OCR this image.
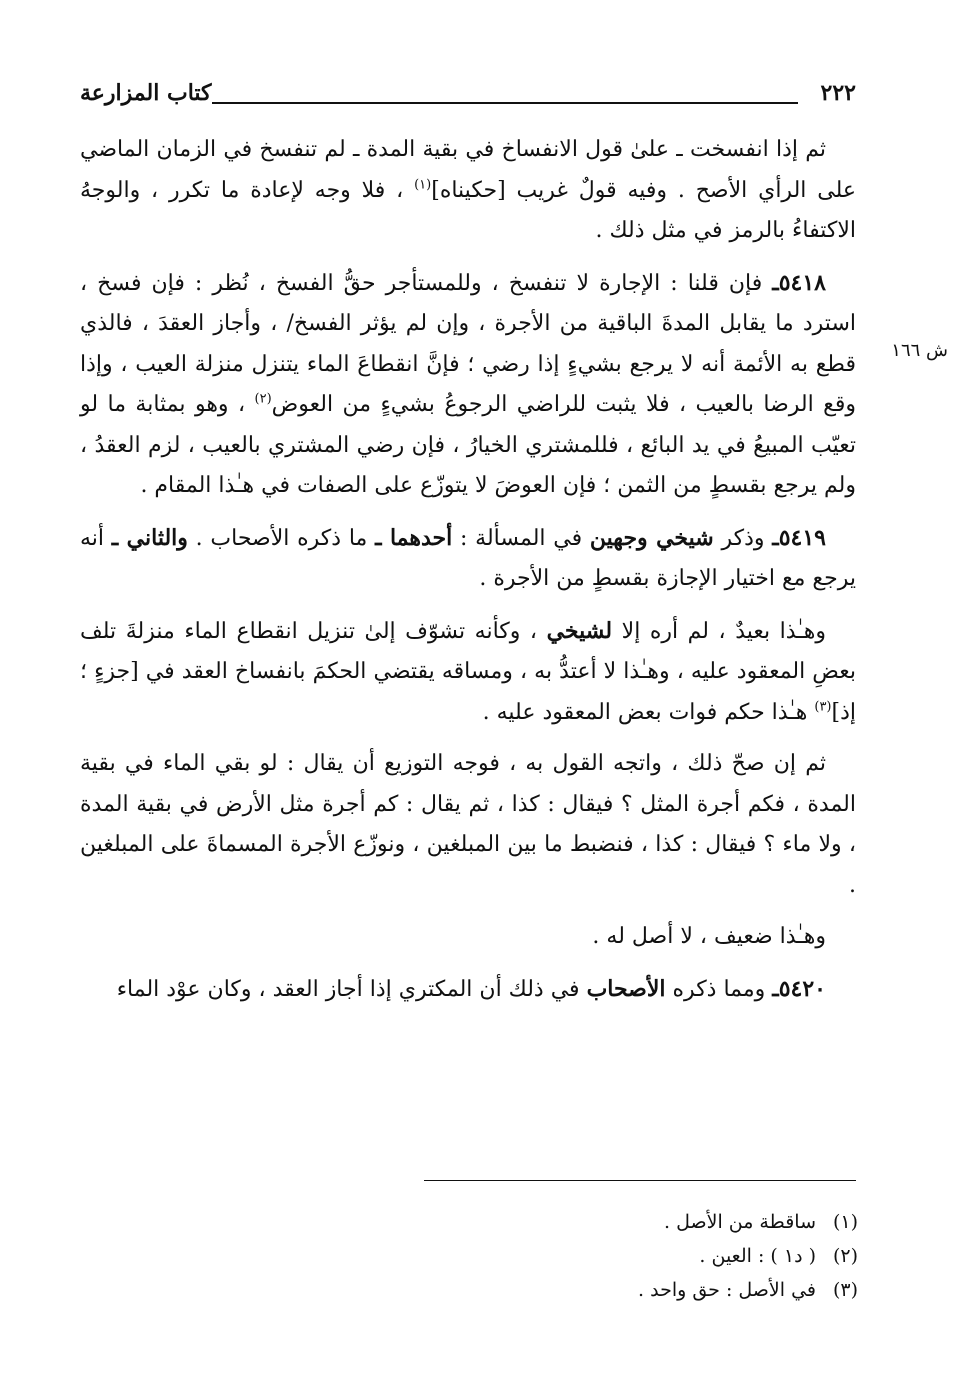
٢٢٢
كتاب المزارعة
ش ١٦٦

ثم إذا انفسخت ـ علىٰ قول الانفساخ في بقية المدة ـ لم تنفسخ في الزمان الماضي على الرأي الأصح . وفيه قولٌ غريب [حكيناه]$^{(١)}$ ، فلا وجه لإعادة ما تكرر ، والوجهُ الاكتفاءُ بالرمز في مثل ذلك .

٥٤١٨ـ فإن قلنا : الإجارة لا تنفسخ ، وللمستأجر حقُّ الفسخ ، نُظر : فإن فسخ ، استرد ما يقابل المدةَ الباقية من الأجرة ، وإن لم يؤثر الفسخ/ ، وأجاز العقدَ ، فالذي قطع به الأئمة أنه لا يرجع بشيءٍ إذا رضي ؛ فإنَّ انقطاعَ الماء يتنزل منزلة العيب ، وإذا وقع الرضا بالعيب ، فلا يثبت للراضي الرجوعُ بشيءٍ من العوض$^{(٢)}$ ، وهو بمثابة ما لو تعيّب المبيعُ في يد البائع ، فللمشتري الخيارُ ، فإن رضي المشتري بالعيب ، لزم العقدُ ، ولم يرجع بقسطٍ من الثمن ؛ فإن العوضَ لا يتوزّع على الصفات في هـٰذا المقام .

٥٤١٩ـ وذكر شيخي وجهين في المسألة : أحدهما ـ ما ذكره الأصحاب . والثاني ـ أنه يرجع مع اختيار الإجازة بقسطٍ من الأجرة .

وهـٰذا بعيدٌ ، لم أره إلا لشيخي ، وكأنه تشوّف إلىٰ تنزيل انقطاع الماء منزلةَ تلف بعضِ المعقود عليه ، وهـٰذا لا أعتدُّ به ، ومساقه يقتضي الحكمَ بانفساخ العقد في [جزءٍ ؛ إذ]$^{(٣)}$ هـٰذا حكم فوات بعض المعقود عليه .

ثم إن صحّ ذلك ، واتجه القول به ، فوجه التوزيع أن يقال : لو بقي الماء في بقية المدة ، فكم أجرة المثل ؟ فيقال : كذا ، ثم يقال : كم أجرة مثل الأرض في بقية المدة ، ولا ماء ؟ فيقال : كذا ، فنضبط ما بين المبلغين ، ونوزّع الأجرة المسماةَ على المبلغين .

وهـٰذا ضعيف ، لا أصل له .

٥٤٢٠ـ ومما ذكره الأصحاب في ذلك أن المكتري إذا أجاز العقد ، وكان عوْد الماء

(١)
ساقطة من الأصل .
(٢)
( د١ ) : العين .
(٣)
في الأصل : حق واحد .
